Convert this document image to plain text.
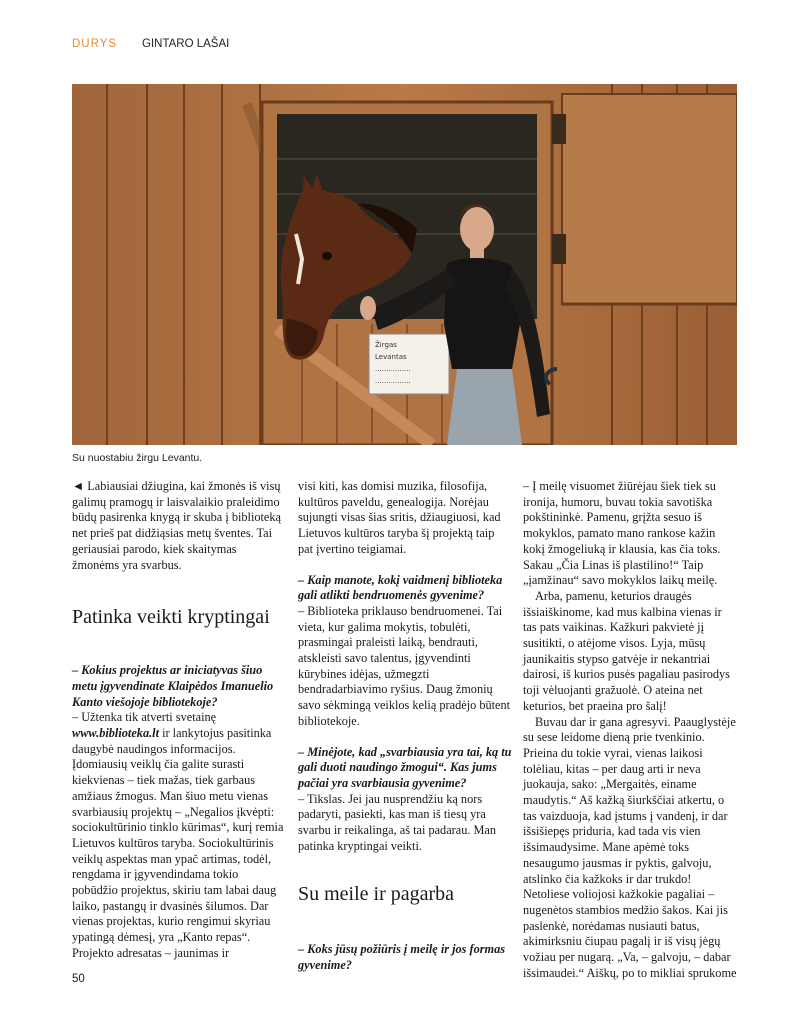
DURYS GINTARO LAŠAI
Žirgas
Levantas
................
................
Su nuostabiu žirgu Levantu.

◄ Labiausiai džiugina, kai žmonės iš visų galimų pramogų ir laisvalaikio praleidimo būdų pasirenka knygą ir skuba į biblioteką net prieš pat didžiąsias metų šventes. Tai geriausiai parodo, kiek skaitymas žmonėms yra svarbus.

Patinka veikti kryptingai

– Kokius projektus ar iniciatyvas šiuo metu įgyvendinate Klaipėdos Imanuelio Kanto viešojoje bibliotekoje?

– Užtenka tik atverti svetainę www.biblioteka.lt ir lankytojus pasitinka daugybė naudingos informacijos. Įdomiausių veiklų čia galite surasti kiekvienas – tiek mažas, tiek garbaus amžiaus žmogus. Man šiuo metu vienas svarbiausių projektų – „Negalios įkvėpti: sociokultūrinio tinklo kūrimas“, kurį remia Lietuvos kultūros taryba. Sociokultūrinis veiklų aspektas man ypač artimas, todėl, rengdama ir įgyvendindama tokio pobūdžio projektus, skiriu tam labai daug laiko, pastangų ir dvasinės šilumos. Dar vienas projektas, kurio rengimui skyriau ypatingą dėmesį, yra „Kanto repas“. Projekto adresatas – jaunimas ir

visi kiti, kas domisi muzika, filosofija, kultūros paveldu, genealogija. Norėjau sujungti visas šias sritis, džiaugiuosi, kad Lietuvos kultūros taryba šį projektą taip pat įvertino teigiamai.

– Kaip manote, kokį vaidmenį biblioteka gali atlikti bendruomenės gyvenime?

– Biblioteka priklauso bendruomenei. Tai vieta, kur galima mokytis, tobulėti, prasmingai praleisti laiką, bendrauti, atskleisti savo talentus, įgyvendinti kūrybines idėjas, užmegzti bendradarbiavimo ryšius. Daug žmonių savo sėkmingą veiklos kelią pradėjo būtent bibliotekoje.

– Minėjote, kad „svarbiausia yra tai, ką tu gali duoti naudingo žmogui“. Kas jums pačiai yra svarbiausia gyvenime?

– Tikslas. Jei jau nusprendžiu ką nors padaryti, pasiekti, kas man iš tiesų yra svarbu ir reikalinga, aš tai padarau. Man patinka kryptingai veikti.

Su meile ir pagarba

– Koks jūsų požiūris į meilę ir jos formas gyvenime?

– Į meilę visuomet žiūrėjau šiek tiek su ironija, humoru, buvau tokia savotiška pokštininkė. Pamenu, grįžta sesuo iš mokyklos, pamato mano rankose kažin kokį žmogeliuką ir klausia, kas čia toks. Sakau „Čia Linas iš plastilino!“ Taip „įamžinau“ savo mokyklos laikų meilę.

Arba, pamenu, keturios draugės išsiaiškinome, kad mus kalbina vienas ir tas pats vaikinas. Kažkuri pakvietė jį susitikti, o atėjome visos. Lyja, mūsų jaunikaitis stypso gatvėje ir nekantriai dairosi, iš kurios pusės pagaliau pasirodys toji vėluojanti gražuolė. O ateina net keturios, bet praeina pro šalį!

Buvau dar ir gana agresyvi. Paauglystėje su sese leidome dieną prie tvenkinio. Prieina du tokie vyrai, vienas laikosi tolėliau, kitas – per daug arti ir neva juokauja, sako: „Mergaitės, einame maudytis.“ Aš kažką šiurkščiai atkertu, o tas vaizduoja, kad įstums į vandenį, ir dar išsišiepęs priduria, kad tada vis vien išsimaudysime. Mane apėmė toks nesaugumo jausmas ir pyktis, galvoju, atslinko čia kažkoks ir dar trukdo! Netoliese voliojosi kažkokie pagaliai – nugenėtos stambios medžio šakos. Kai jis paslenkė, norėdamas nusiauti batus, akimirksniu čiupau pagalį ir iš visų jėgų vožiau per nugarą. „Va, – galvoju, – dabar išsimaudei.“ Aiškų, po to mikliai sprukome

50
